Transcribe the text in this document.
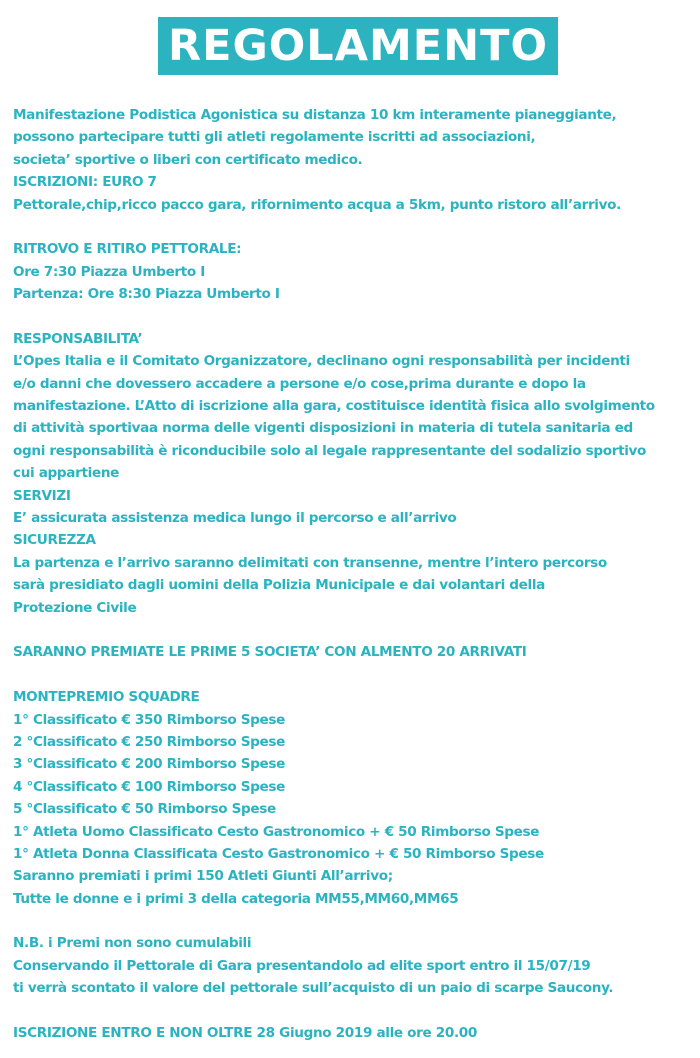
REGOLAMENTO
Manifestazione Podistica Agonistica su distanza 10 km interamente pianeggiante,
possono partecipare tutti gli atleti regolamente iscritti ad associazioni,
societa’ sportive o liberi con certificato medico.
ISCRIZIONI: EURO 7
Pettorale,chip,ricco pacco gara, rifornimento acqua a 5km, punto ristoro all’arrivo.
RITROVO E RITIRO PETTORALE:
Ore 7:30 Piazza Umberto I
Partenza: Ore 8:30 Piazza Umberto I
RESPONSABILITA’
L’Opes Italia e il Comitato Organizzatore, declinano ogni responsabilità per incidenti
e/o danni che dovessero accadere a persone e/o cose,prima durante e dopo la
manifestazione. L’Atto di iscrizione alla gara, costituisce identità fisica allo svolgimento
di attività sportivaa norma delle vigenti disposizioni in materia di tutela sanitaria ed
ogni responsabilità è riconducibile solo al legale rappresentante del sodalizio sportivo
cui appartiene
SERVIZI
E’ assicurata assistenza medica lungo il percorso e all’arrivo
SICUREZZA
La partenza e l’arrivo saranno delimitati con transenne, mentre l’intero percorso
sarà presidiato dagli uomini della Polizia Municipale e dai volantari della
Protezione Civile
SARANNO PREMIATE LE PRIME 5 SOCIETA’ CON ALMENTO 20 ARRIVATI
MONTEPREMIO SQUADRE
1° Classificato € 350 Rimborso Spese
2 °Classificato € 250 Rimborso Spese
3 °Classificato € 200 Rimborso Spese
4 °Classificato € 100 Rimborso Spese
5 °Classificato € 50 Rimborso Spese
1° Atleta Uomo Classificato Cesto Gastronomico + € 50 Rimborso Spese
1° Atleta Donna Classificata Cesto Gastronomico + € 50 Rimborso Spese
Saranno premiati i primi 150 Atleti Giunti All’arrivo;
Tutte le donne e i primi 3 della categoria MM55,MM60,MM65
N.B. i Premi non sono cumulabili
Conservando il Pettorale di Gara presentandolo ad elite sport entro il 15/07/19
ti verrà scontato il valore del pettorale sull’acquisto di un paio di scarpe Saucony.
ISCRIZIONE ENTRO E NON OLTRE 28 Giugno 2019 alle ore 20.00
